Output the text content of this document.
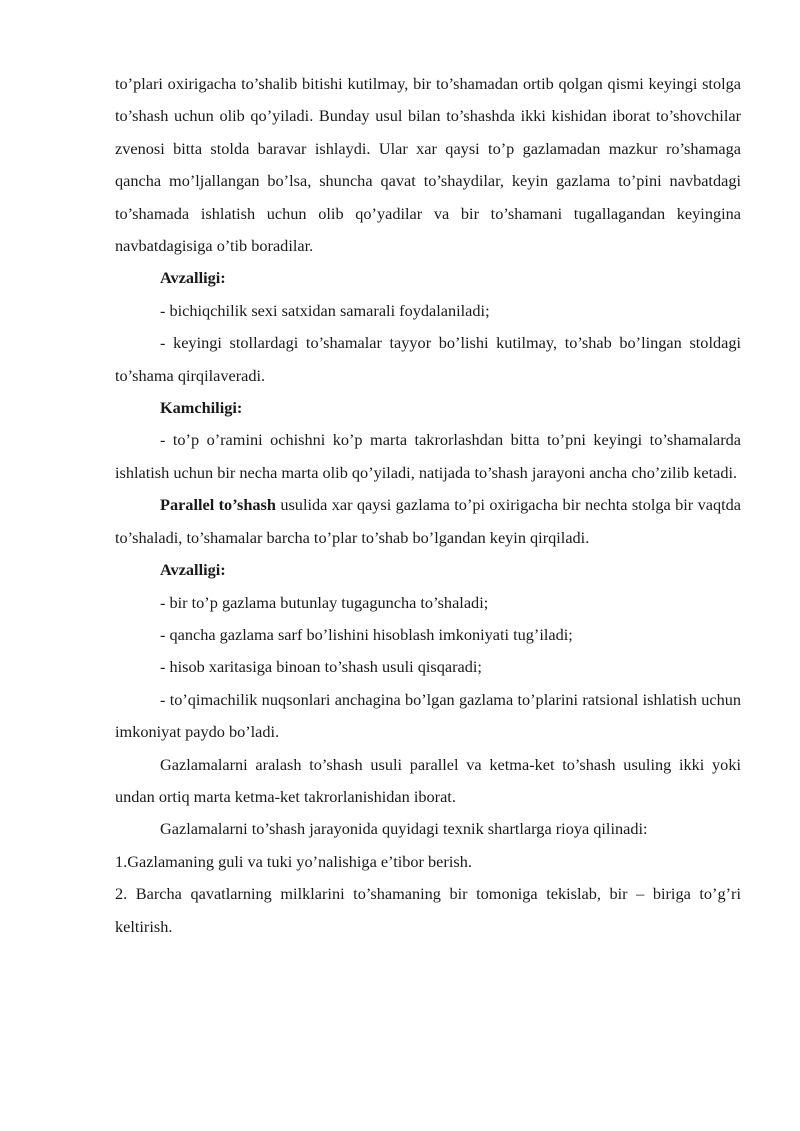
to’plari oxirigacha to’shalib bitishi kutilmay, bir to’shamadan ortib qolgan qismi keyingi stolga to’shash uchun olib qo’yiladi. Bunday usul bilan to’shashda ikki kishidan iborat to’shovchilar zvenosi bitta stolda baravar ishlaydi. Ular xar qaysi to’p gazlamadan mazkur ro’shamaga qancha mo’ljallangan bo’lsa, shuncha qavat to’shaydilar, keyin gazlama to’pini navbatdagi to’shamada ishlatish uchun olib qo’yadilar va bir to’shamani tugallagandan keyingina navbatdagisiga o’tib boradilar.

Avzalligi:

- bichiqchilik sexi satxidan samarali foydalaniladi;

- keyingi stollardagi to’shamalar tayyor bo’lishi kutilmay, to’shab bo’lingan stoldagi to’shama qirqilaveradi.

Kamchiligi:

- to’p o’ramini ochishni ko’p marta takrorlashdan bitta to’pni keyingi to’shamalarda ishlatish uchun bir necha marta olib qo’yiladi, natijada to’shash jarayoni ancha cho’zilib ketadi.

Parallel to’shash usulida xar qaysi gazlama to’pi oxirigacha bir nechta stolga bir vaqtda to’shaladi, to’shamalar barcha to’plar to’shab bo’lgandan keyin qirqiladi.

Avzalligi:

- bir to’p gazlama butunlay tugaguncha to’shaladi;

- qancha gazlama sarf bo’lishini hisoblash imkoniyati tug’iladi;

- hisob xaritasiga binoan to’shash usuli qisqaradi;

- to’qimachilik nuqsonlari anchagina bo’lgan gazlama to’plarini ratsional ishlatish uchun imkoniyat paydo bo’ladi.

Gazlamalarni aralash to’shash usuli parallel va ketma-ket to’shash usuling ikki yoki undan ortiq marta ketma-ket takrorlanishidan iborat.

Gazlamalarni to’shash jarayonida quyidagi texnik shartlarga rioya qilinadi:

1.Gazlamaning guli va tuki yo’nalishiga e’tibor berish.

2. Barcha qavatlarning milklarini to’shamaning bir tomoniga tekislab, bir – biriga to’g’ri keltirish.
